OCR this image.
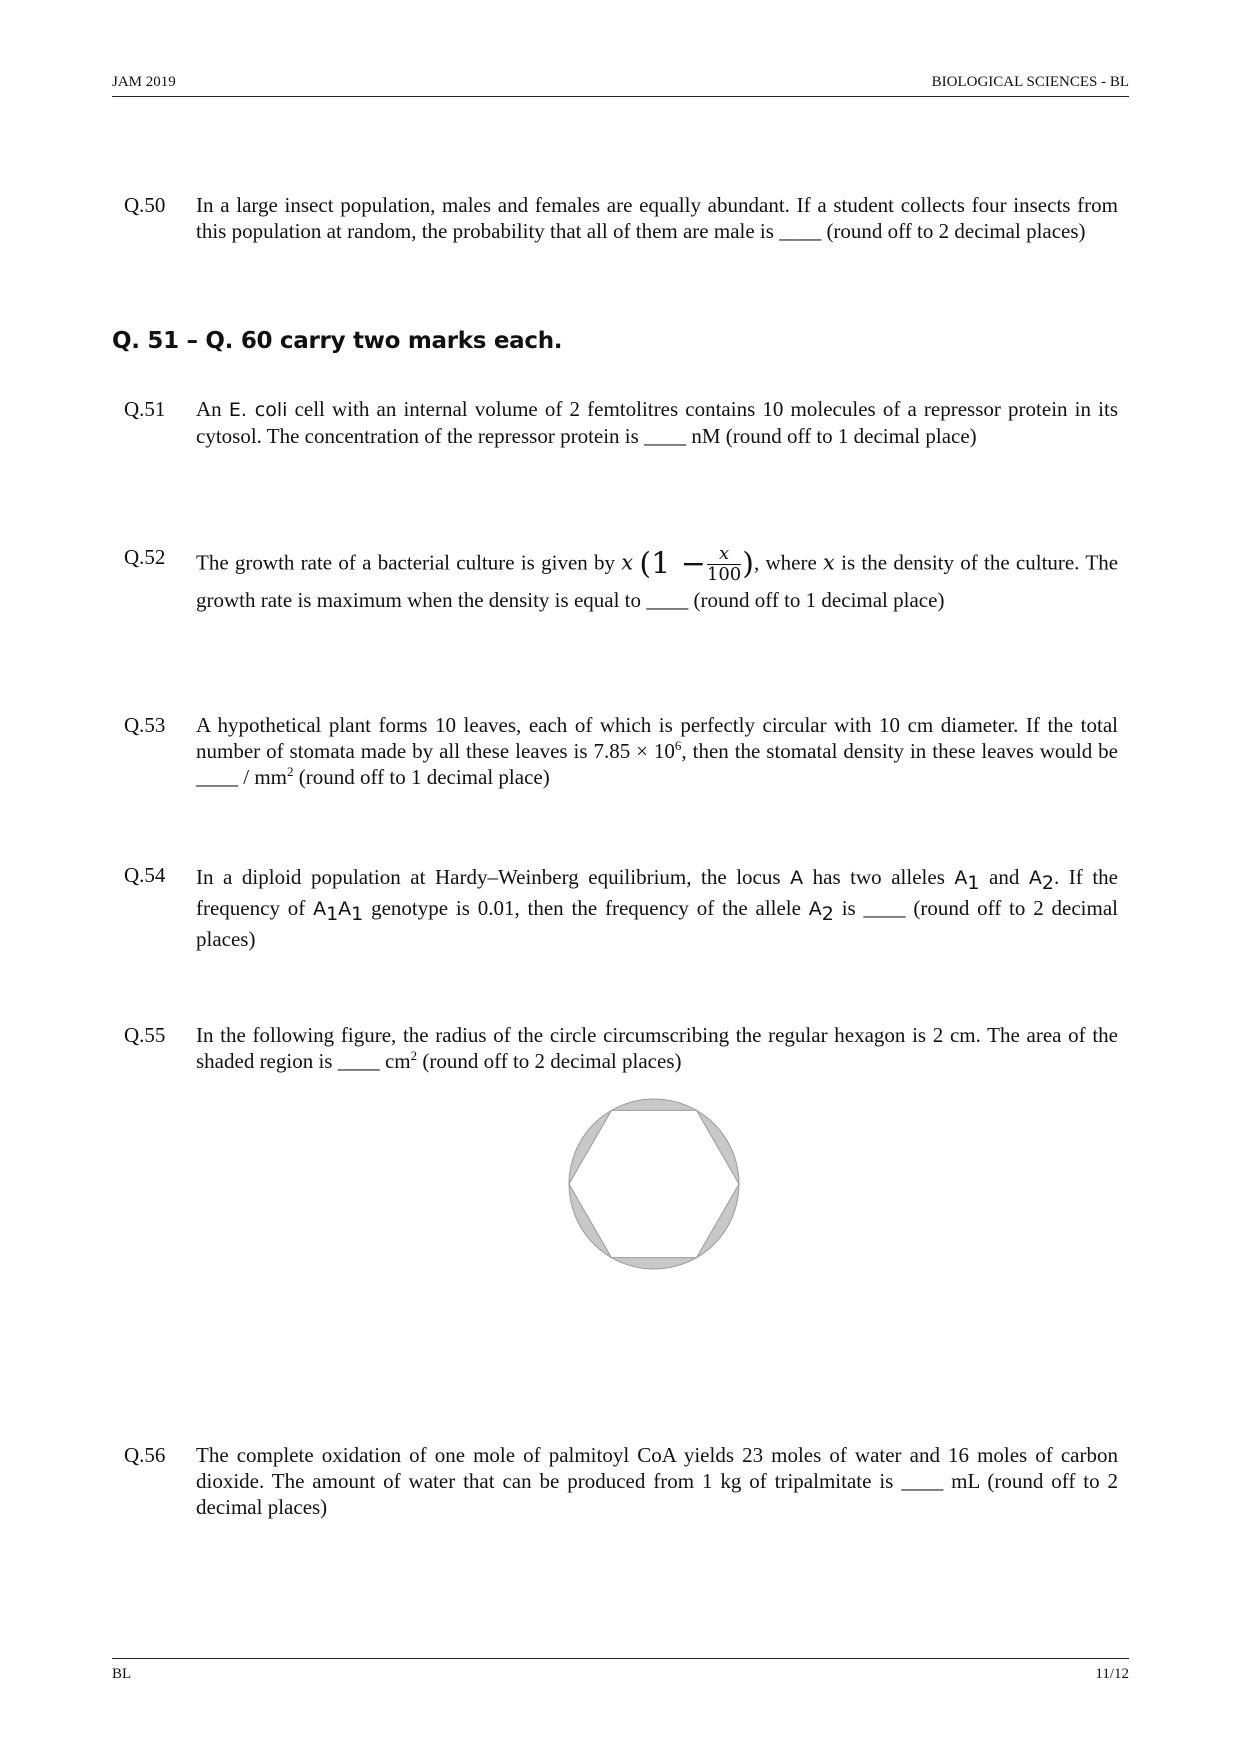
JAM 2019	BIOLOGICAL SCIENCES - BL
Q.50 In a large insect population, males and females are equally abundant. If a student collects four insects from this population at random, the probability that all of them are male is ____ (round off to 2 decimal places)
Q. 51 – Q. 60 carry two marks each.
Q.51 An E. coli cell with an internal volume of 2 femtolitres contains 10 molecules of a repressor protein in its cytosol. The concentration of the repressor protein is ____ nM (round off to 1 decimal place)
Q.52 The growth rate of a bacterial culture is given by x ($1 - \frac{x}{100}$ ), where x is the density of the culture. The growth rate is maximum when the density is equal to ____ (round off to 1 decimal place)
Q.53 A hypothetical plant forms 10 leaves, each of which is perfectly circular with 10 cm diameter. If the total number of stomata made by all these leaves is $7.85 \times 10^6$, then the stomatal density in these leaves would be ____ / $mm^2$ (round off to 1 decimal place)
Q.54 In a diploid population at Hardy–Weinberg equilibrium, the locus A has two alleles $A_1$ and $A_2$. If the frequency of $A_1A_1$ genotype is 0.01, then the frequency of the allele $A_2$ is ____ (round off to 2 decimal places)
Q.55 In the following figure, the radius of the circle circumscribing the regular hexagon is 2 cm. The area of the shaded region is ____ $cm^2$ (round off to 2 decimal places)
Q.56 The complete oxidation of one mole of palmitoyl CoA yields 23 moles of water and 16 moles of carbon dioxide. The amount of water that can be produced from 1 kg of tripalmitate is ____ mL (round off to 2 decimal places)
BL	11/12
